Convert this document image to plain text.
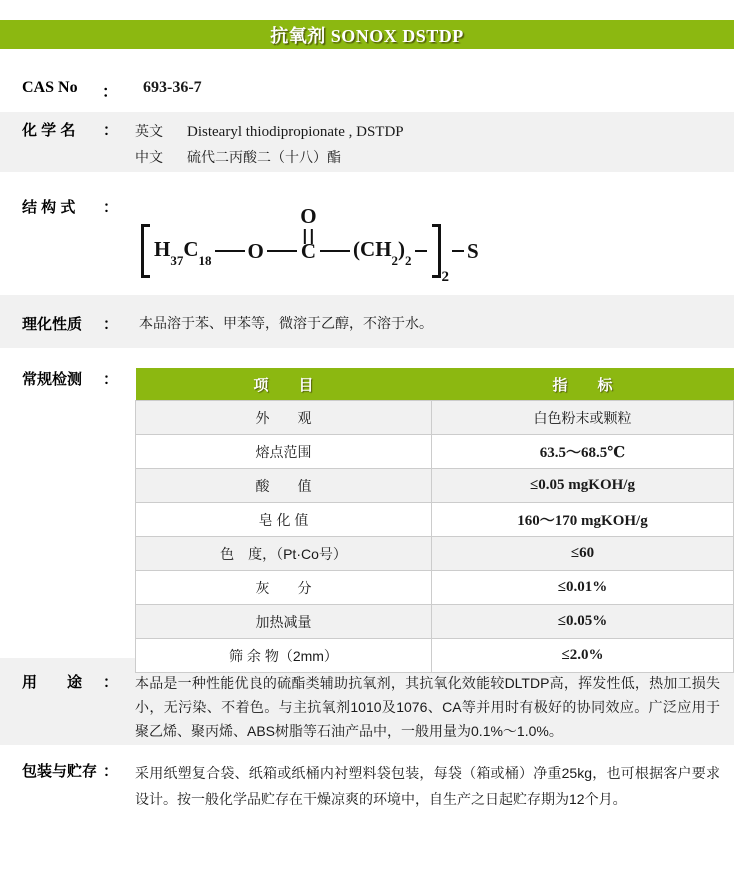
抗氧剂 SONOX DSTDP
CAS No ：	693-36-7
化 学 名 ： 英文 Distearyl thiodipropionate , DSTDP
中文 硫代二丙酸二（十八）酯
结 构 式 ：
$H_{37}C_{18}$ O C
O
$(CH_2)_2$
2
S
理化性质 ： 本品溶于苯、甲苯等，微溶于乙醇，不溶于水。
常规检测 ：	项　　目	指　　标
外　　观	白色粉末或颗粒
熔点范围	63.5～68.5℃
酸　　值	≤0.05 mgKOH/g
皂 化 值	160～170 mgKOH/g
色　度，（Pt·Co号）	≤60
灰　　分	≤0.01%
加热减量	≤0.05%
筛 余 物（2mm）	≤2.0%
用　　途 ： 本品是一种性能优良的硫酯类辅助抗氧剂，其抗氧化效能较DLTDP高，挥发性低，热加工损失小，无污染、不着色。与主抗氧剂1010及1076、CA等并用时有极好的协同效应。广泛应用于聚乙烯、聚丙烯、ABS树脂等石油产品中，一般用量为0.1%～1.0%。
包装与贮存 ： 采用纸塑复合袋、纸箱或纸桶内衬塑料袋包装，每袋（箱或桶）净重25kg，也可根据客户要求设计。按一般化学品贮存在干燥凉爽的环境中，自生产之日起贮存期为12个月。
